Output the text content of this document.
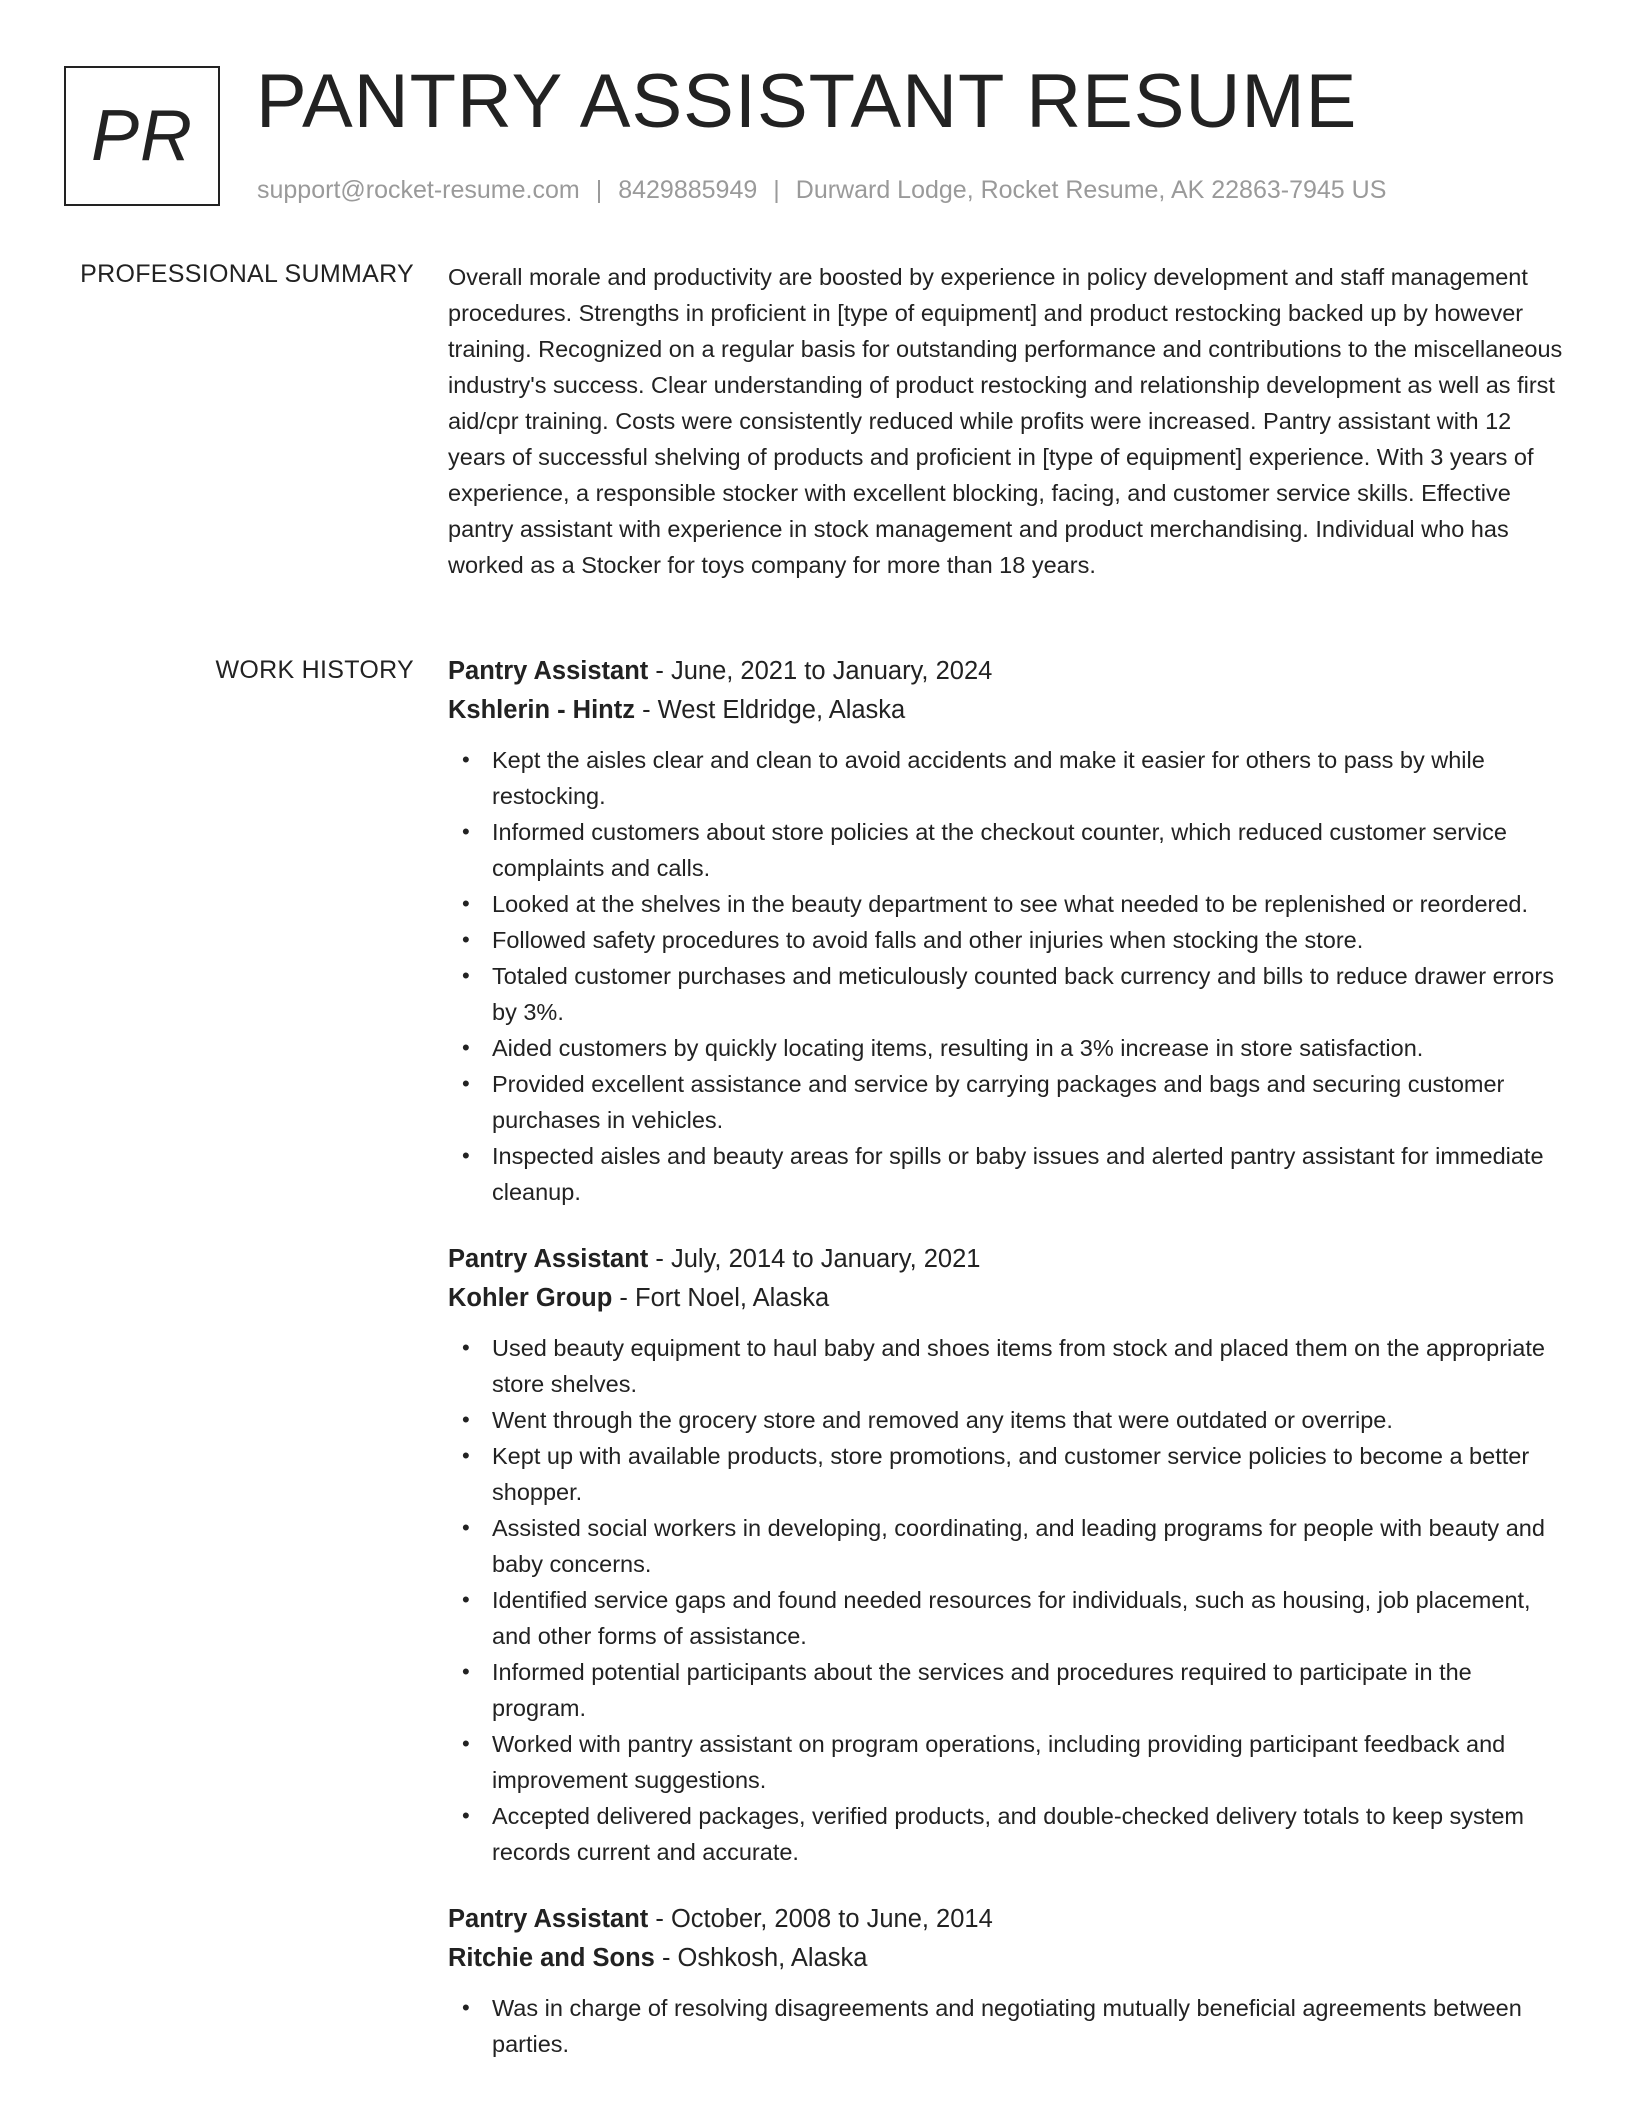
PR PANTRY ASSISTANT RESUME
support@rocket-resume.com | 8429885949 | Durward Lodge, Rocket Resume, AK 22863-7945 US
PROFESSIONAL SUMMARY Overall morale and productivity are boosted by experience in policy development and staff management procedures. Strengths in proficient in [type of equipment] and product restocking backed up by however training. Recognized on a regular basis for outstanding performance and contributions to the miscellaneous industry's success. Clear understanding of product restocking and relationship development as well as first aid/cpr training. Costs were consistently reduced while profits were increased. Pantry assistant with 12 years of successful shelving of products and proficient in [type of equipment] experience. With 3 years of experience, a responsible stocker with excellent blocking, facing, and customer service skills. Effective pantry assistant with experience in stock management and product merchandising. Individual who has worked as a Stocker for toys company for more than 18 years.

WORK HISTORY Pantry Assistant - June, 2021 to January, 2024
Kshlerin - Hintz - West Eldridge, Alaska
• Kept the aisles clear and clean to avoid accidents and make it easier for others to pass by while restocking.
• Informed customers about store policies at the checkout counter, which reduced customer service complaints and calls.
• Looked at the shelves in the beauty department to see what needed to be replenished or reordered.
• Followed safety procedures to avoid falls and other injuries when stocking the store.
• Totaled customer purchases and meticulously counted back currency and bills to reduce drawer errors by 3%.
• Aided customers by quickly locating items, resulting in a 3% increase in store satisfaction.
• Provided excellent assistance and service by carrying packages and bags and securing customer purchases in vehicles.
• Inspected aisles and beauty areas for spills or baby issues and alerted pantry assistant for immediate cleanup.
Pantry Assistant - July, 2014 to January, 2021
Kohler Group - Fort Noel, Alaska
• Used beauty equipment to haul baby and shoes items from stock and placed them on the appropriate store shelves.
• Went through the grocery store and removed any items that were outdated or overripe.
• Kept up with available products, store promotions, and customer service policies to become a better shopper.
• Assisted social workers in developing, coordinating, and leading programs for people with beauty and baby concerns.
• Identified service gaps and found needed resources for individuals, such as housing, job placement, and other forms of assistance.
• Informed potential participants about the services and procedures required to participate in the program.
• Worked with pantry assistant on program operations, including providing participant feedback and improvement suggestions.
• Accepted delivered packages, verified products, and double-checked delivery totals to keep system records current and accurate.
Pantry Assistant - October, 2008 to June, 2014
Ritchie and Sons - Oshkosh, Alaska
• Was in charge of resolving disagreements and negotiating mutually beneficial agreements between parties.
